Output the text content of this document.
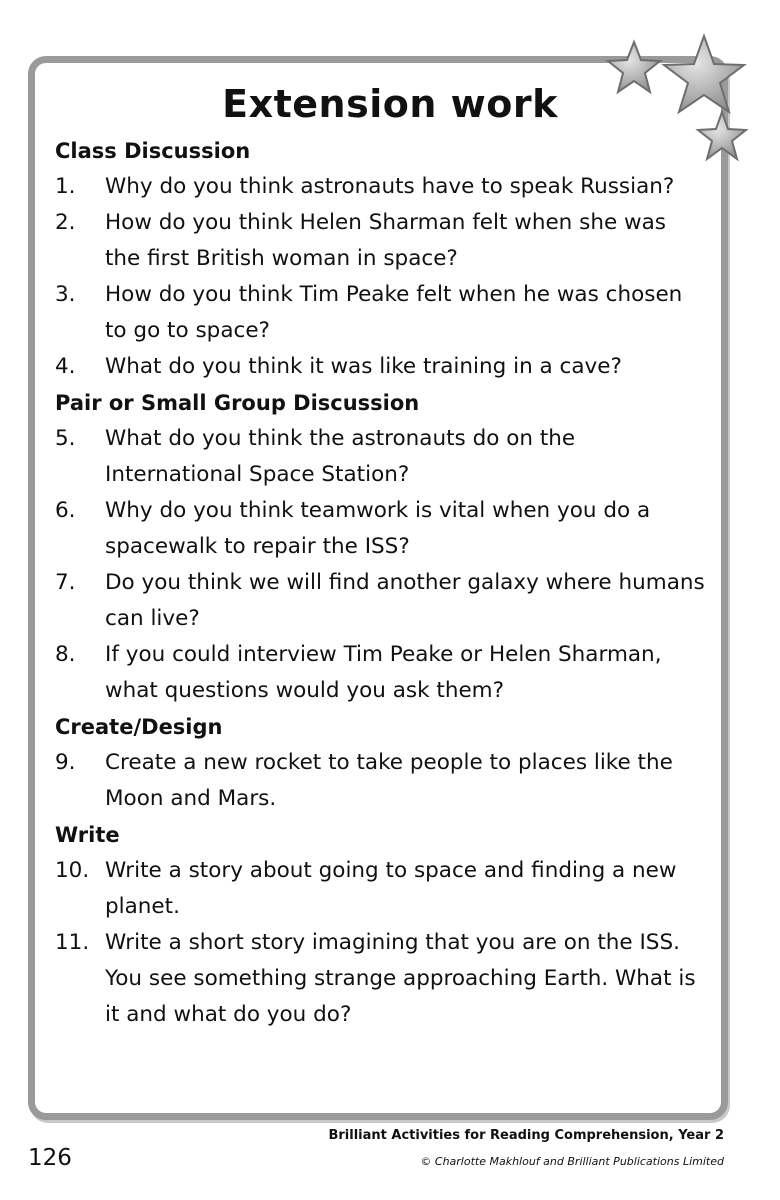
Extension work
Class Discussion
1.	Why do you think astronauts have to speak Russian?
2.	How do you think Helen Sharman felt when she was the first British woman in space?
3.	How do you think Tim Peake felt when he was chosen to go to space?
4.	What do you think it was like training in a cave?
Pair or Small Group Discussion
5.	What do you think the astronauts do on the International Space Station?
6.	Why do you think teamwork is vital when you do a spacewalk to repair the ISS?
7.	Do you think we will find another galaxy where humans can live?
8.	If you could interview Tim Peake or Helen Sharman, what questions would you ask them?
Create/Design
9.	Create a new rocket to take people to places like the Moon and Mars.
Write
10. Write a story about going to space and finding a new planet.
11. Write a short story imagining that you are on the ISS. You see something strange approaching Earth. What is it and what do you do?
Brilliant Activities for Reading Comprehension, Year 2
© Charlotte Makhlouf and Brilliant Publications Limited
126
